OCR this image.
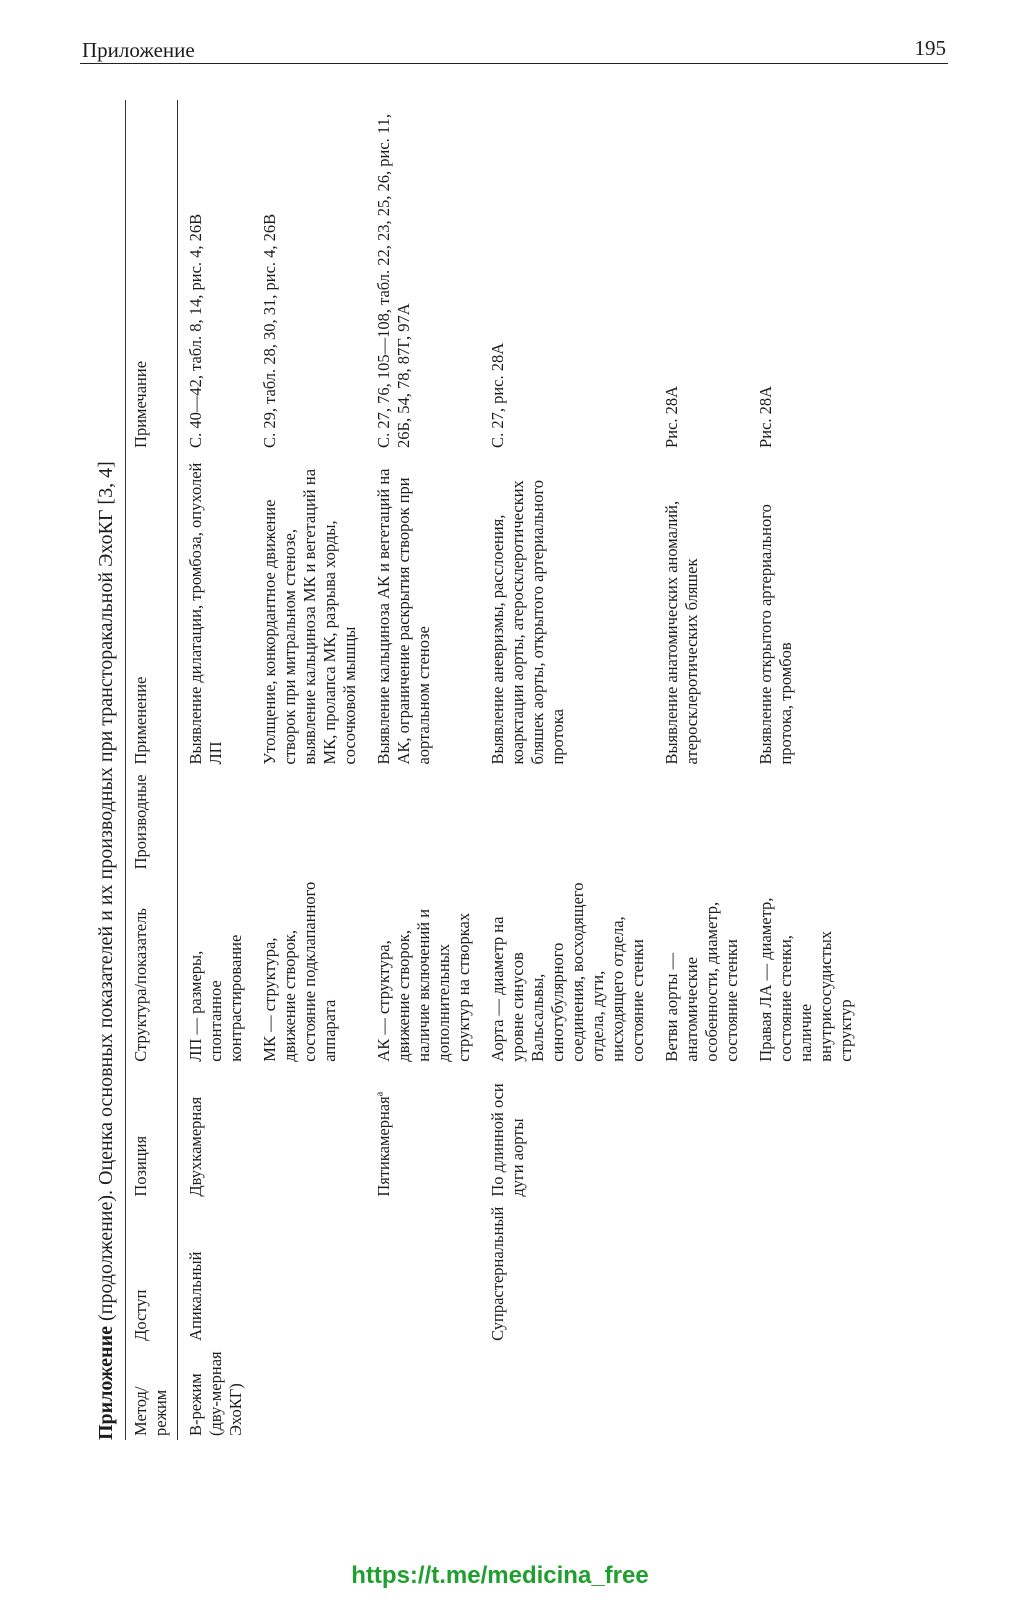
Приложение	195
Приложение (продолжение). Оценка основных показателей и их производных при трансторакальной ЭхоКГ [3, 4]
Метод/режим	Доступ	Позиция	Структура/показатель	Производные	Применение	Примечание
В-режим (дву-мерная ЭхоКГ)	Апикальный	Двухкамерная	ЛП — размеры, спонтанное контрастирование		Выявление дилатации, тромбоза, опухолей ЛП	С. 40—42, табл. 8, 14, рис. 4, 26В
			МК — структура, движение створок, состояние подклапанного аппарата		Утолщение, конкордантное движение створок при митральном стенозе, выявление кальциноза МК и вегетаций на МК, пролапса МК, разрыва хорды, сосочковой мышцы	С. 29, табл. 28, 30, 31, рис. 4, 26В
		Пятикамерная$^а$	АК — структура, движение створок, наличие включений и дополнительных структур на створках		Выявление кальциноза АК и вегетаций на АК, ограничение раскрытия створок при аортальном стенозе	С. 27, 76, 105—108, табл. 22, 23, 25, 26, рис. 11, 26Б, 54, 78, 87Г, 97А
	Супрастернальный	По длинной оси дуги аорты	Аорта — диаметр на уровне синусов Вальсальвы, синотубулярного соединения, восходящего отдела, дуги, нисходящего отдела, состояние стенки		Выявление аневризмы, расслоения, коарктации аорты, атеросклеротических бляшек аорты, открытого артериального протока	С. 27, рис. 28А
			Ветви аорты — анатомические особенности, диаметр, состояние стенки		Выявление анатомических аномалий, атеросклеротических бляшек	Рис. 28А
			Правая ЛА — диаметр, состояние стенки, наличие внутрисосудистых структур		Выявление открытого артериального протока, тромбов	Рис. 28А
https://t.me/medicina_free
